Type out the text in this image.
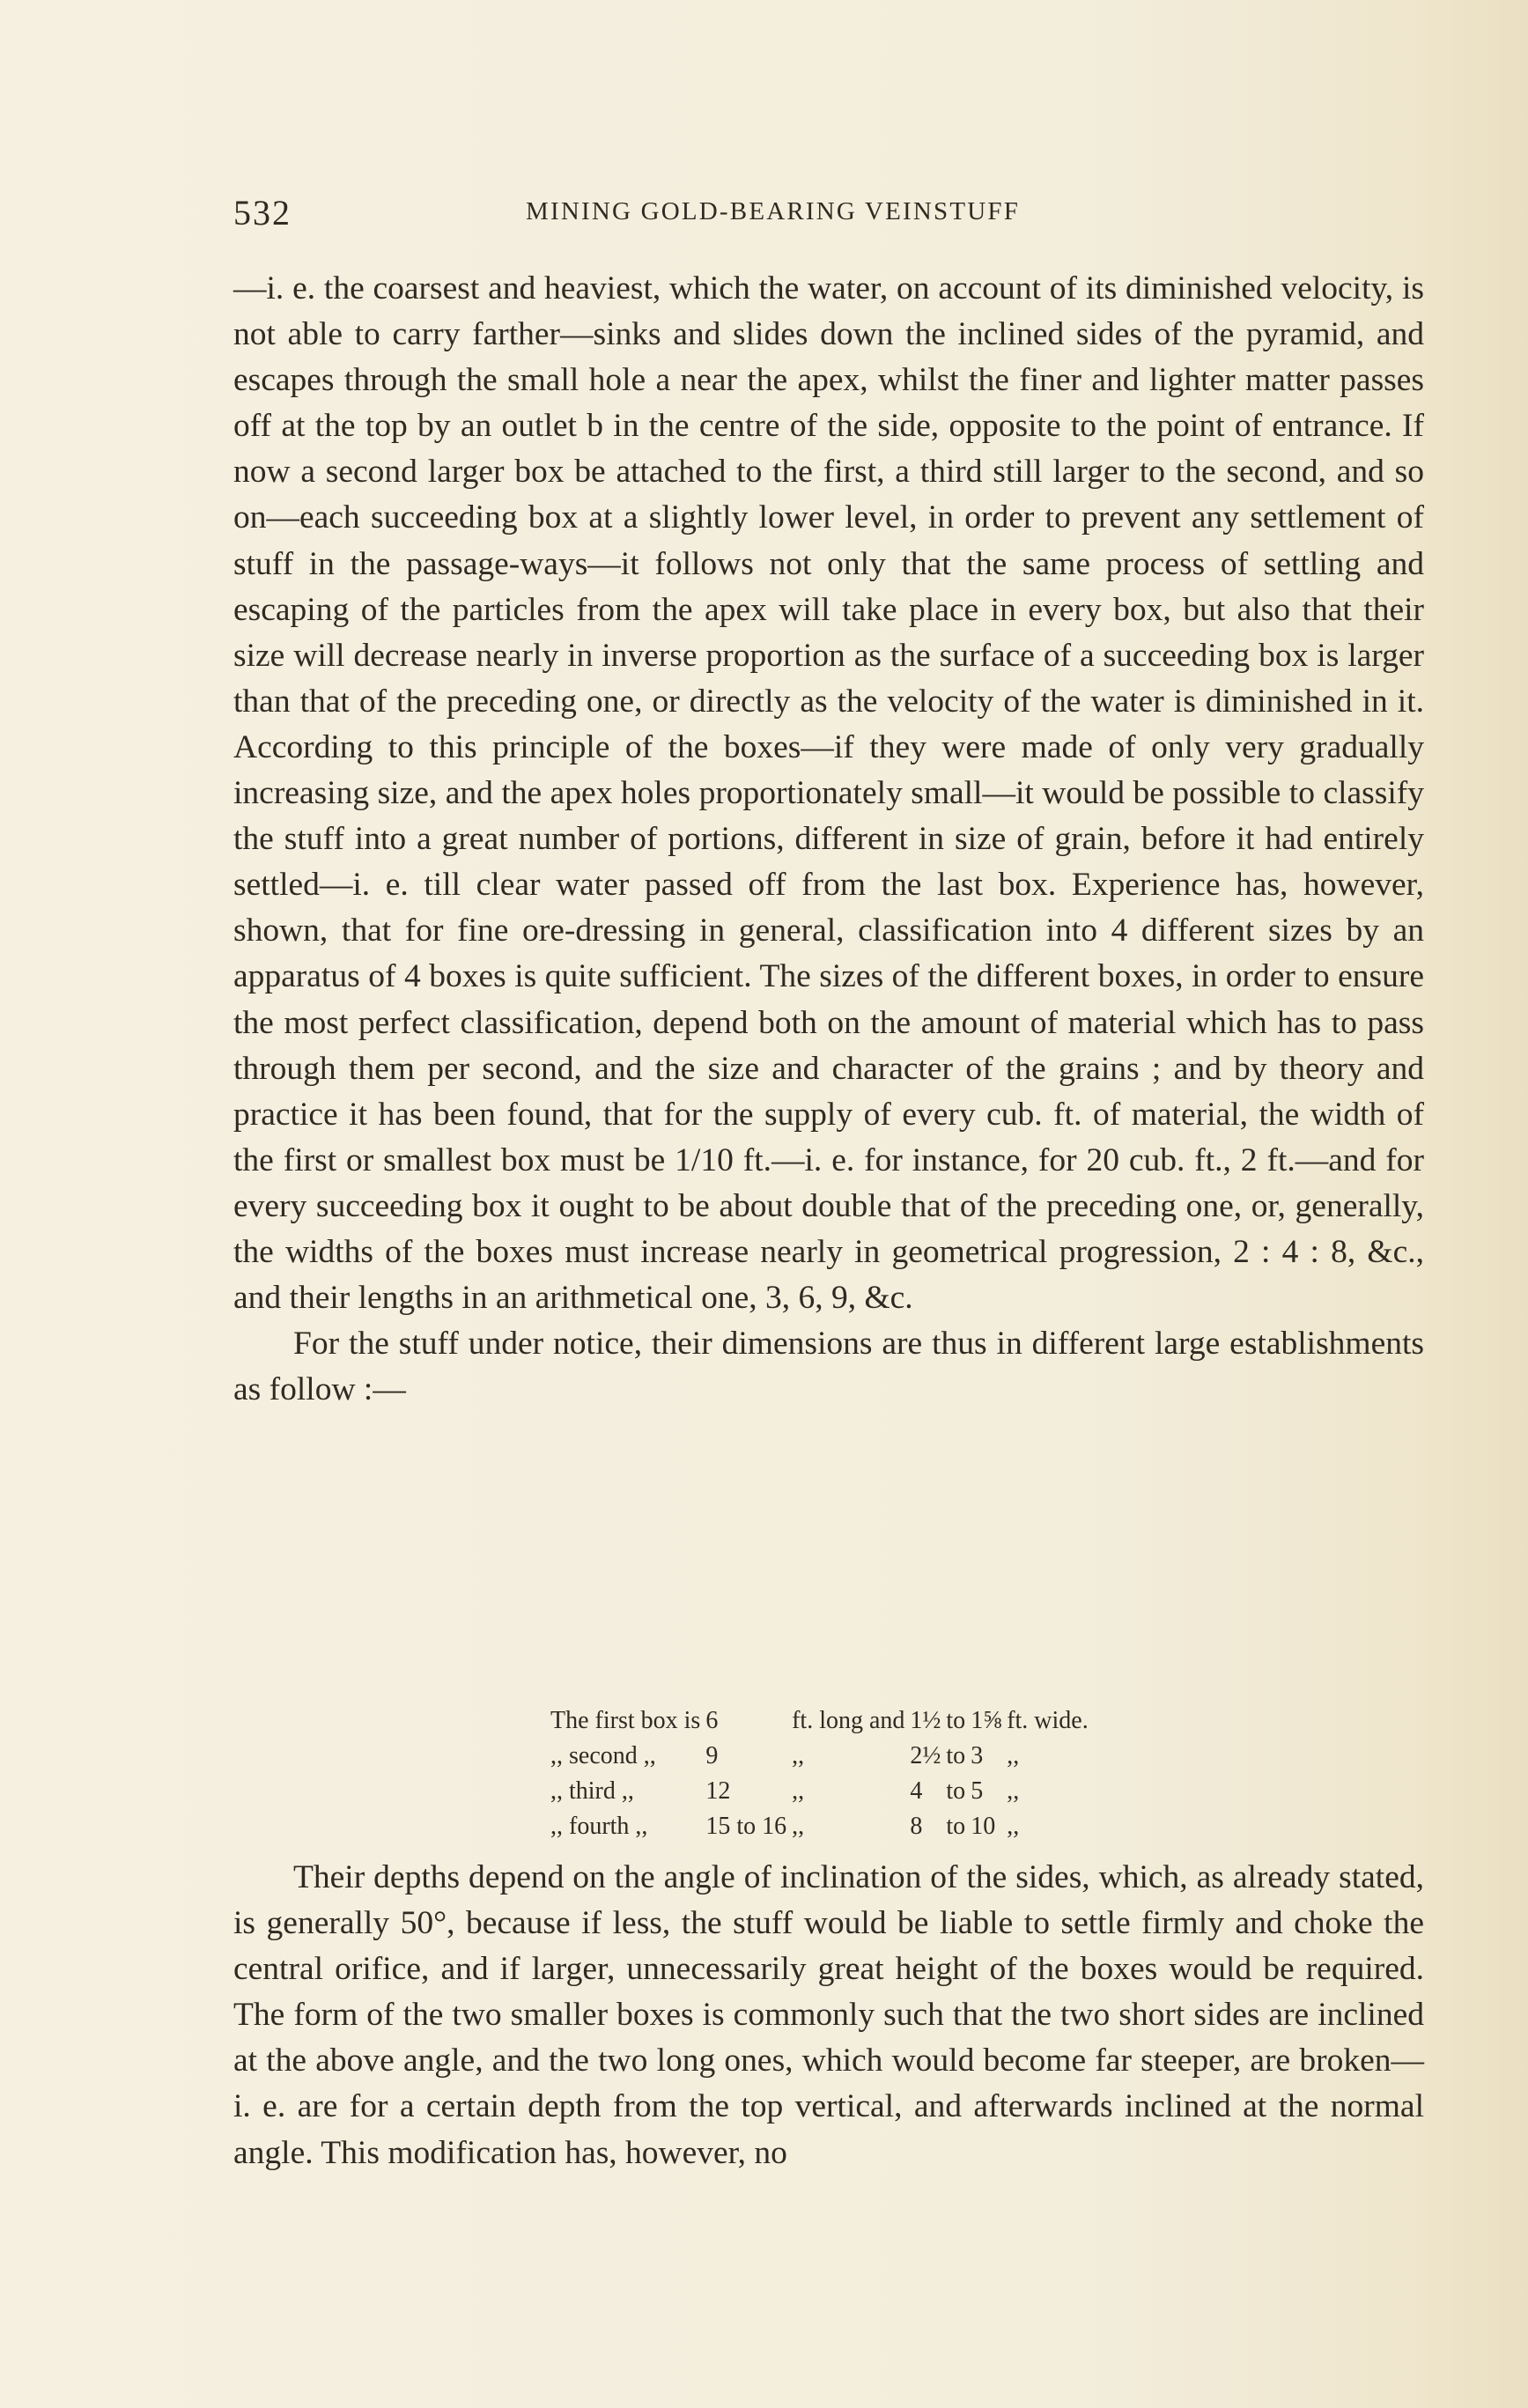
532	MINING GOLD-BEARING VEINSTUFF

—i. e. the coarsest and heaviest, which the water, on account of its diminished velocity, is not able to carry farther—sinks and slides down the inclined sides of the pyramid, and escapes through the small hole a near the apex, whilst the finer and lighter matter passes off at the top by an outlet b in the centre of the side, opposite to the point of entrance. If now a second larger box be attached to the first, a third still larger to the second, and so on—each succeeding box at a slightly lower level, in order to prevent any settlement of stuff in the passage-ways—it follows not only that the same process of settling and escaping of the particles from the apex will take place in every box, but also that their size will decrease nearly in inverse proportion as the surface of a succeeding box is larger than that of the preceding one, or directly as the velocity of the water is diminished in it. According to this principle of the boxes—if they were made of only very gradually increasing size, and the apex holes proportionately small—it would be possible to classify the stuff into a great number of portions, different in size of grain, before it had entirely settled—i. e. till clear water passed off from the last box. Experience has, however, shown, that for fine ore-dressing in general, classification into 4 different sizes by an apparatus of 4 boxes is quite sufficient. The sizes of the different boxes, in order to ensure the most perfect classification, depend both on the amount of material which has to pass through them per second, and the size and character of the grains ; and by theory and practice it has been found, that for the supply of every cub. ft. of material, the width of the first or smallest box must be 1/10 ft.—i. e. for instance, for 20 cub. ft., 2 ft.—and for every succeeding box it ought to be about double that of the preceding one, or, generally, the widths of the boxes must increase nearly in geometrical progression, 2 : 4 : 8, &c., and their lengths in an arithmetical one, 3, 6, 9, &c.

For the stuff under notice, their dimensions are thus in different large establishments as follow :—

The first box is	6	ft. long and	1½	to	1⅝	ft. wide.
,, second ,,	9	,,	2½	to	3	,,
,, third ,,	12	,,	4	to	5	,,
,, fourth ,,	15 to 16	,,	8	to	10	,,

Their depths depend on the angle of inclination of the sides, which, as already stated, is generally 50°, because if less, the stuff would be liable to settle firmly and choke the central orifice, and if larger, unnecessarily great height of the boxes would be required. The form of the two smaller boxes is commonly such that the two short sides are inclined at the above angle, and the two long ones, which would become far steeper, are broken—i. e. are for a certain depth from the top vertical, and afterwards inclined at the normal angle. This modification has, however, no
